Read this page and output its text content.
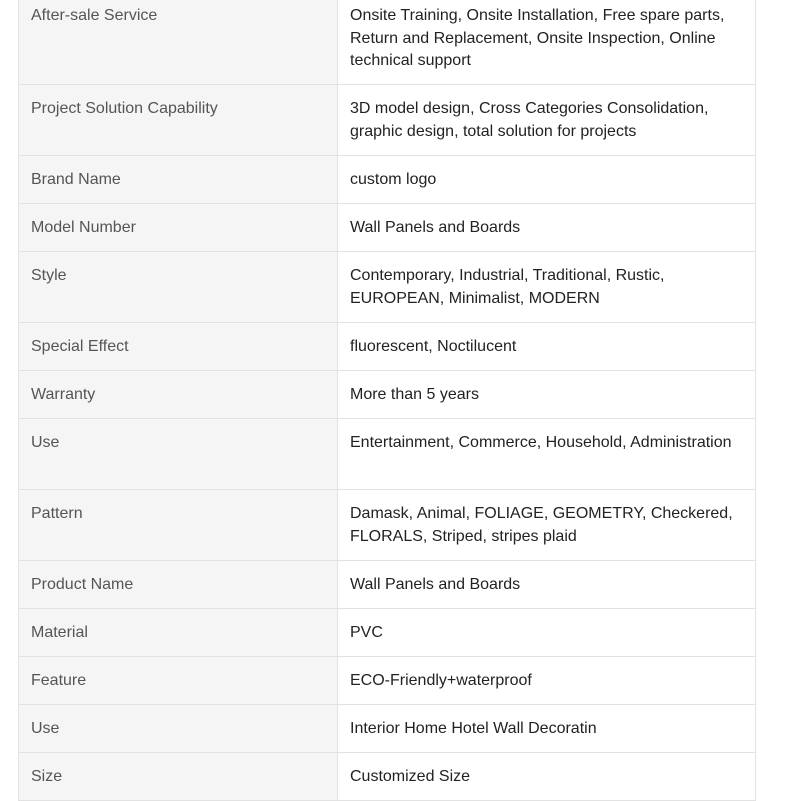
After-sale Service	Onsite Training, Onsite Installation, Free spare parts, Return and Replacement, Onsite Inspection, Online technical support
Project Solution Capability	3D model design, Cross Categories Consolidation, graphic design, total solution for projects
Brand Name	custom logo
Model Number	Wall Panels and Boards
Style	Contemporary, Industrial, Traditional, Rustic, EUROPEAN, Minimalist, MODERN
Special Effect	fluorescent, Noctilucent
Warranty	More than 5 years
Use	Entertainment, Commerce, Household, Administration
Pattern	Damask, Animal, FOLIAGE, GEOMETRY, Checkered, FLORALS, Striped, stripes plaid
Product Name	Wall Panels and Boards
Material	PVC
Feature	ECO-Friendly+waterproof
Use	Interior Home Hotel Wall Decoratin
Size	Customized Size
